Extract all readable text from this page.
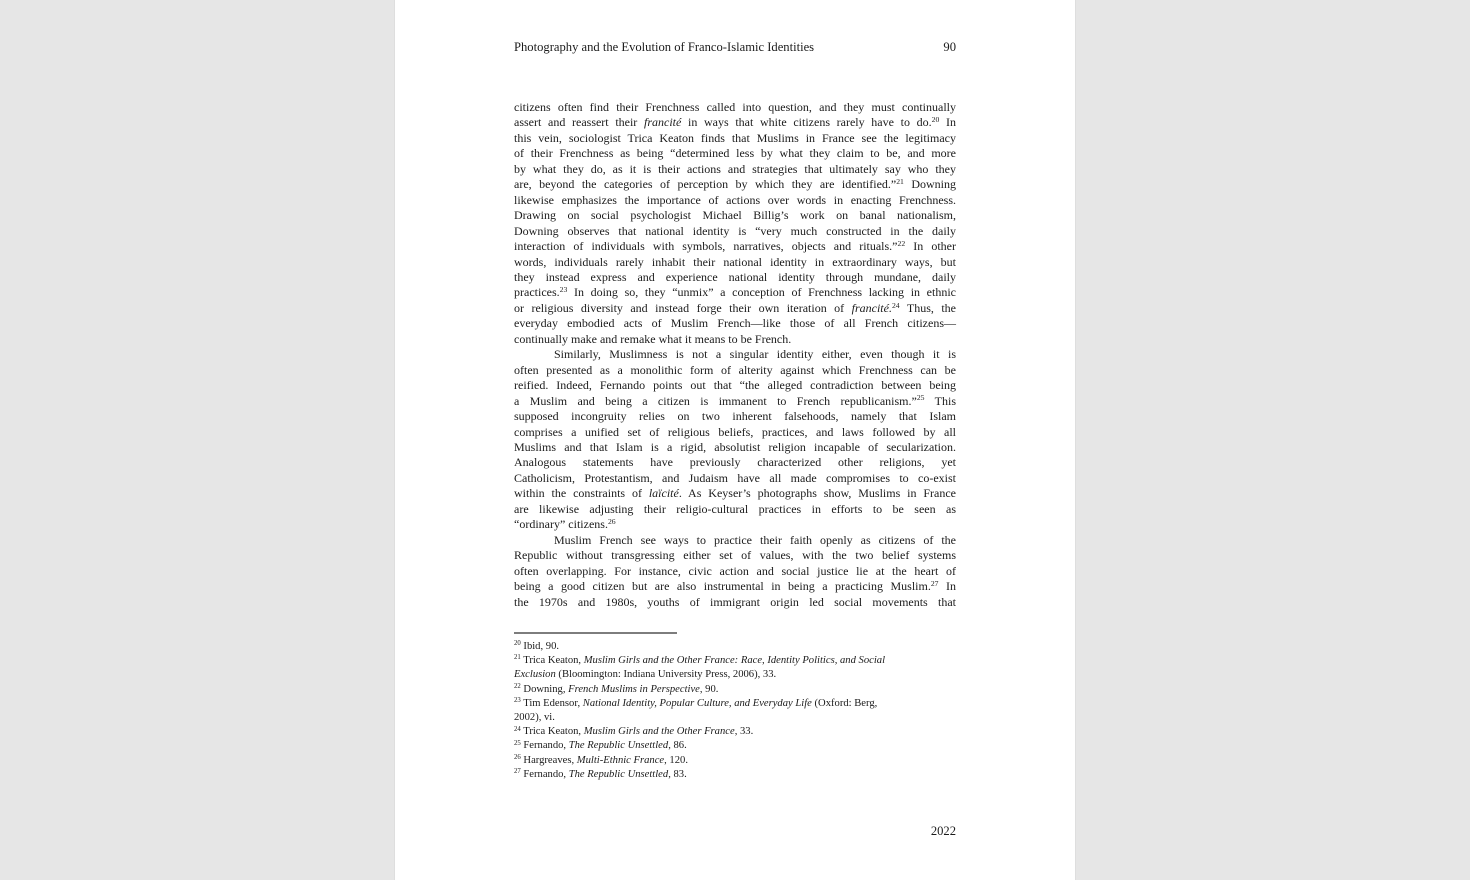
Photography and the Evolution of Franco-Islamic Identities	90
citizens often find their Frenchness called into question, and they must continually
assert and reassert their francité in ways that white citizens rarely have to do.$^{20}$ In
this vein, sociologist Trica Keaton finds that Muslims in France see the legitimacy
of their Frenchness as being “determined less by what they claim to be, and more
by what they do, as it is their actions and strategies that ultimately say who they
are, beyond the categories of perception by which they are identified.”$^{21}$ Downing
likewise emphasizes the importance of actions over words in enacting Frenchness.
Drawing on social psychologist Michael Billig’s work on banal nationalism,
Downing observes that national identity is “very much constructed in the daily
interaction of individuals with symbols, narratives, objects and rituals.”$^{22}$ In other
words, individuals rarely inhabit their national identity in extraordinary ways, but
they instead express and experience national identity through mundane, daily
practices.$^{23}$ In doing so, they “unmix” a conception of Frenchness lacking in ethnic
or religious diversity and instead forge their own iteration of francité.$^{24}$ Thus, the
everyday embodied acts of Muslim French—like those of all French citizens—
continually make and remake what it means to be French.
Similarly, Muslimness is not a singular identity either, even though it is
often presented as a monolithic form of alterity against which Frenchness can be
reified. Indeed, Fernando points out that “the alleged contradiction between being
a Muslim and being a citizen is immanent to French republicanism.”$^{25}$ This
supposed incongruity relies on two inherent falsehoods, namely that Islam
comprises a unified set of religious beliefs, practices, and laws followed by all
Muslims and that Islam is a rigid, absolutist religion incapable of secularization.
Analogous statements have previously characterized other religions, yet
Catholicism, Protestantism, and Judaism have all made compromises to co-exist
within the constraints of laïcité. As Keyser’s photographs show, Muslims in France
are likewise adjusting their religio-cultural practices in efforts to be seen as
“ordinary” citizens.$^{26}$
Muslim French see ways to practice their faith openly as citizens of the
Republic without transgressing either set of values, with the two belief systems
often overlapping. For instance, civic action and social justice lie at the heart of
being a good citizen but are also instrumental in being a practicing Muslim.$^{27}$ In
the 1970s and 1980s, youths of immigrant origin led social movements that
$^{20}$ Ibid, 90.
$^{21}$ Trica Keaton, Muslim Girls and the Other France: Race, Identity Politics, and Social
Exclusion (Bloomington: Indiana University Press, 2006), 33.
$^{22}$ Downing, French Muslims in Perspective, 90.
$^{23}$ Tim Edensor, National Identity, Popular Culture, and Everyday Life (Oxford: Berg,
2002), vi.
$^{24}$ Trica Keaton, Muslim Girls and the Other France, 33.
$^{25}$ Fernando, The Republic Unsettled, 86.
$^{26}$ Hargreaves, Multi-Ethnic France, 120.
$^{27}$ Fernando, The Republic Unsettled, 83.
2022
